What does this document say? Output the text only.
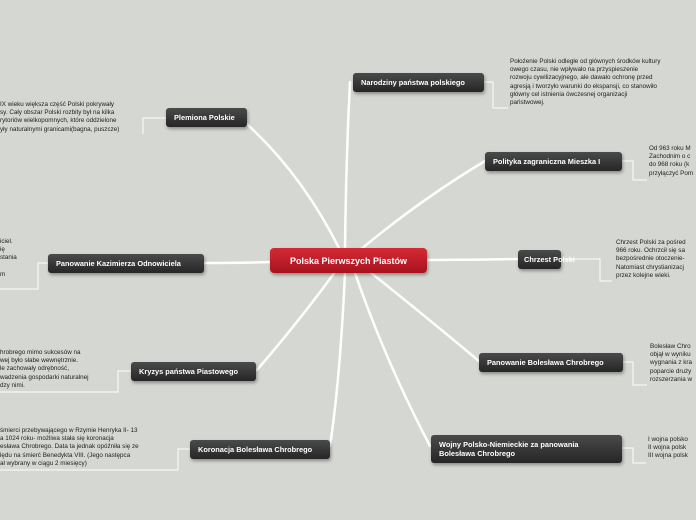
Polska Pierwszych Piastów
Narodziny państwa polskiego
Plemiona Polskie
Polityka zagraniczna Mieszka I
Chrzest Polski
Panowanie Kazimierza Odnowiciela
Panowanie Bolesława Chrobrego
Kryzys państwa Piastowego
Wojny Polsko-Niemieckie za panowania Bolesława Chrobrego
Koronacja Bolesława Chrobrego

Położenie Polski odległe od głównych środków kultury

owego czasu, nie wpływało na przyspieszenie

rozwoju cywilizacyjnego, ale dawało ochronę przed

agresją i tworzyło warunki do ekspansji, co stanowiło

główny cel istnienia ówczesnej organizacji

państwowej.

IX wieku większa część Polski pokrywały

sy. Cały obszar Polski rozbity był na kilka

rytoriów wielkopomnych, które oddzielone

yły naturalnymi granicami(bagna, puszcze)

Od 963 roku M

Zachodnim o c

do 968 roku (k

przyłączyć Pom

Chrzest Polski za pośred

966 roku. Ochrzcił się sa

bezpośrednie otoczenie-

Natomiast chrystianizacj

przez kolejne wieki.

iciel.

ię

stania

m

Bolesław Chro

objął w wyniku

wygnania z kra

poparcie druży

rozszerzania w

hrobrego mimo sukcesów na

wej było słabe wewnętrznie.

le zachowały odrębność,

wadzenia gospodarki naturalnej

dzy nimi.

I wojna polsko

II wojna polsk

III wojna polsk

śmierci przebywającego w Rzymie Henryka II- 13

a 1024 roku- możliwa stała się koronacja

esława Chrobrego. Data ta jednak opóźniła się ze

lędu na śmierć Benedykta VIII. (Jego następca

ał wybrany w ciągu 2 miesięcy)
